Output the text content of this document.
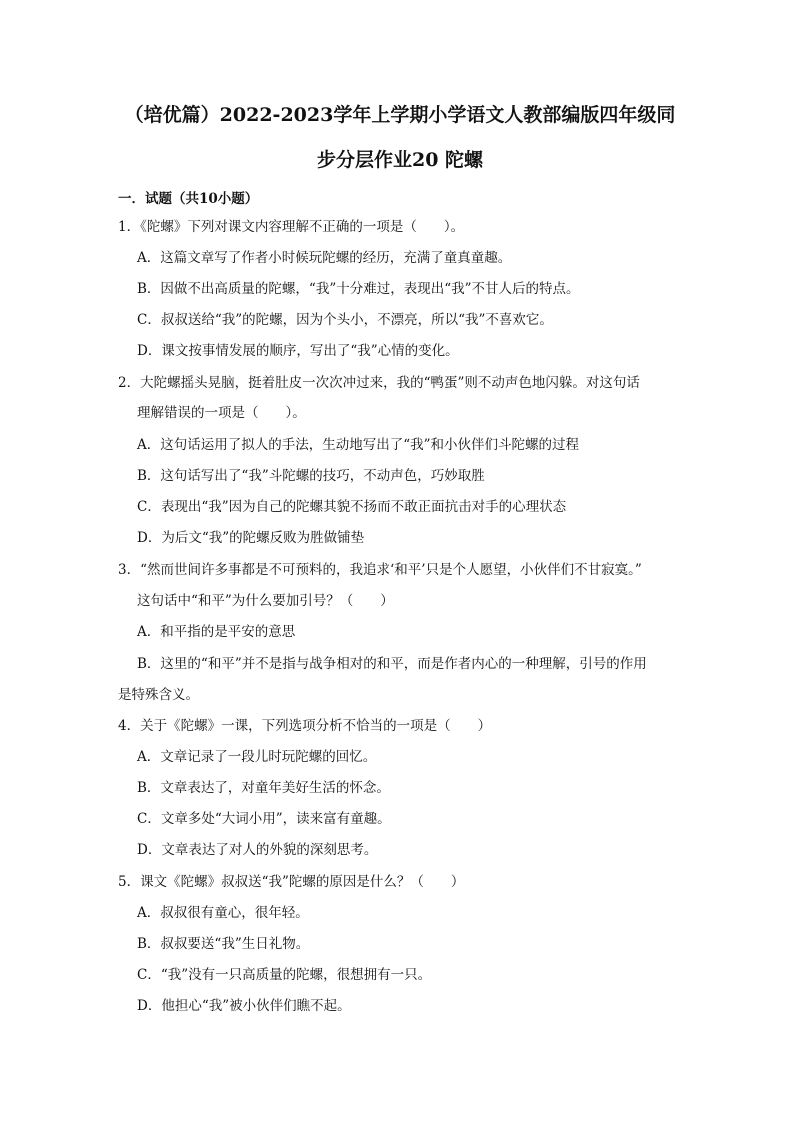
（培优篇）2022-2023学年上学期小学语文人教部编版四年级同
步分层作业20 陀螺
一．试题（共10小题）
1．《陀螺》下列对课文内容理解不正确的一项是（　　）。
A．这篇文章写了作者小时候玩陀螺的经历，充满了童真童趣。
B．因做不出高质量的陀螺，“我”十分难过，表现出“我”不甘人后的特点。
C．叔叔送给“我”的陀螺，因为个头小，不漂亮，所以“我”不喜欢它。
D．课文按事情发展的顺序，写出了“我”心情的变化。
2．大陀螺摇头晃脑，挺着肚皮一次次冲过来，我的“鸭蛋”则不动声色地闪躲。对这句话
理解错误的一项是（　　）。
A．这句话运用了拟人的手法，生动地写出了“我”和小伙伴们斗陀螺的过程
B．这句话写出了“我”斗陀螺的技巧，不动声色，巧妙取胜
C．表现出“我”因为自己的陀螺其貌不扬而不敢正面抗击对手的心理状态
D．为后文“我”的陀螺反败为胜做铺垫
3．“然而世间许多事都是不可预料的，我追求‘和平’只是个人愿望，小伙伴们不甘寂寞。”
这句话中“和平”为什么要加引号？（　　）
A．和平指的是平安的意思
B．这里的“和平”并不是指与战争相对的和平，而是作者内心的一种理解，引号的作用
是特殊含义。
4．关于《陀螺》一课，下列选项分析不恰当的一项是（　　）
A．文章记录了一段儿时玩陀螺的回忆。
B．文章表达了，对童年美好生活的怀念。
C．文章多处“大词小用”，读来富有童趣。
D．文章表达了对人的外貌的深刻思考。
5．课文《陀螺》叔叔送“我”陀螺的原因是什么？（　　）
A．叔叔很有童心，很年轻。
B．叔叔要送“我”生日礼物。
C．“我”没有一只高质量的陀螺，很想拥有一只。
D．他担心“我”被小伙伴们瞧不起。
